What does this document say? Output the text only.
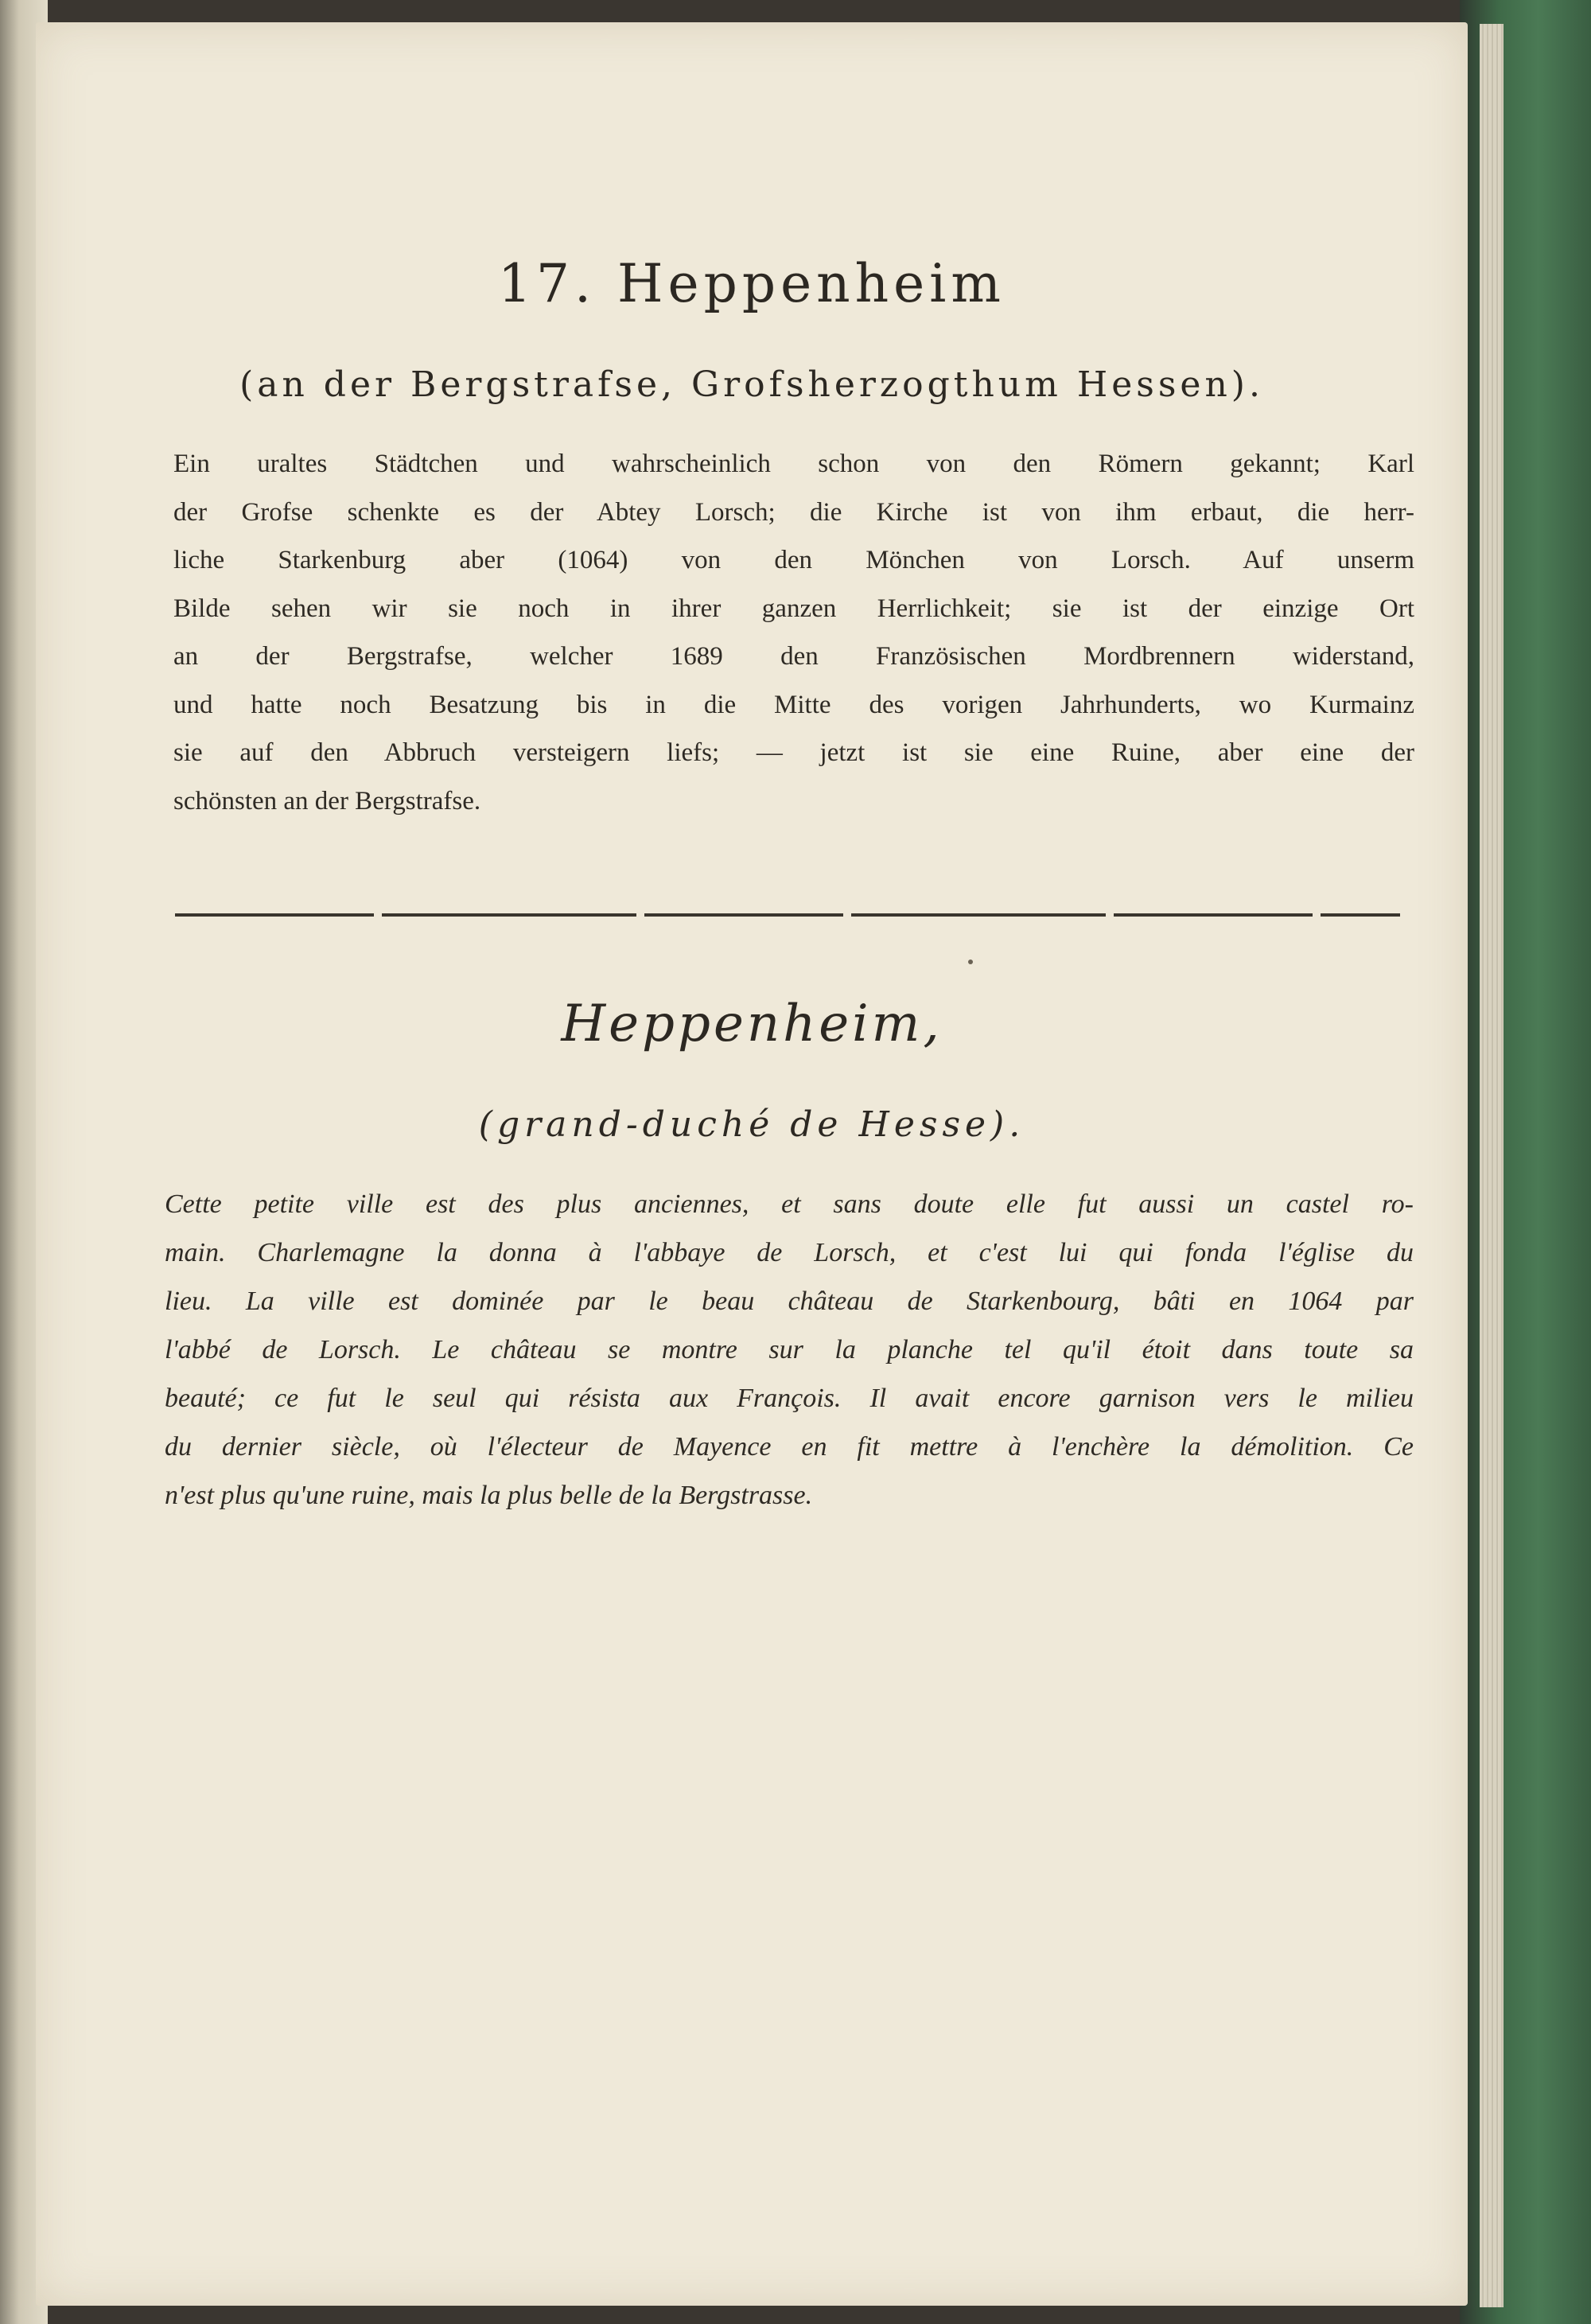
17. Heppenheim

(an der Bergstrafse, Grofsherzogthum Hessen).

Ein uraltes Städtchen und wahrscheinlich schon von den Römern gekannt; Karl
der Grofse schenkte es der Abtey Lorsch; die Kirche ist von ihm erbaut, die herr-
liche Starkenburg aber (1064) von den Mönchen von Lorsch. Auf unserm
Bilde sehen wir sie noch in ihrer ganzen Herrlichkeit; sie ist der einzige Ort
an der Bergstrafse, welcher 1689 den Französischen Mordbrennern widerstand,
und hatte noch Besatzung bis in die Mitte des vorigen Jahrhunderts, wo Kurmainz
sie auf den Abbruch versteigern liefs; — jetzt ist sie eine Ruine, aber eine der
schönsten an der Bergstrafse.
Heppenheim,

(grand-duché de Hesse).

Cette petite ville est des plus anciennes, et sans doute elle fut aussi un castel ro-
main. Charlemagne la donna à l'abbaye de Lorsch, et c'est lui qui fonda l'église du
lieu. La ville est dominée par le beau château de Starkenbourg, bâti en 1064 par
l'abbé de Lorsch. Le château se montre sur la planche tel qu'il étoit dans toute sa
beauté; ce fut le seul qui résista aux François. Il avait encore garnison vers le milieu
du dernier siècle, où l'électeur de Mayence en fit mettre à l'enchère la démolition. Ce
n'est plus qu'une ruine, mais la plus belle de la Bergstrasse.
